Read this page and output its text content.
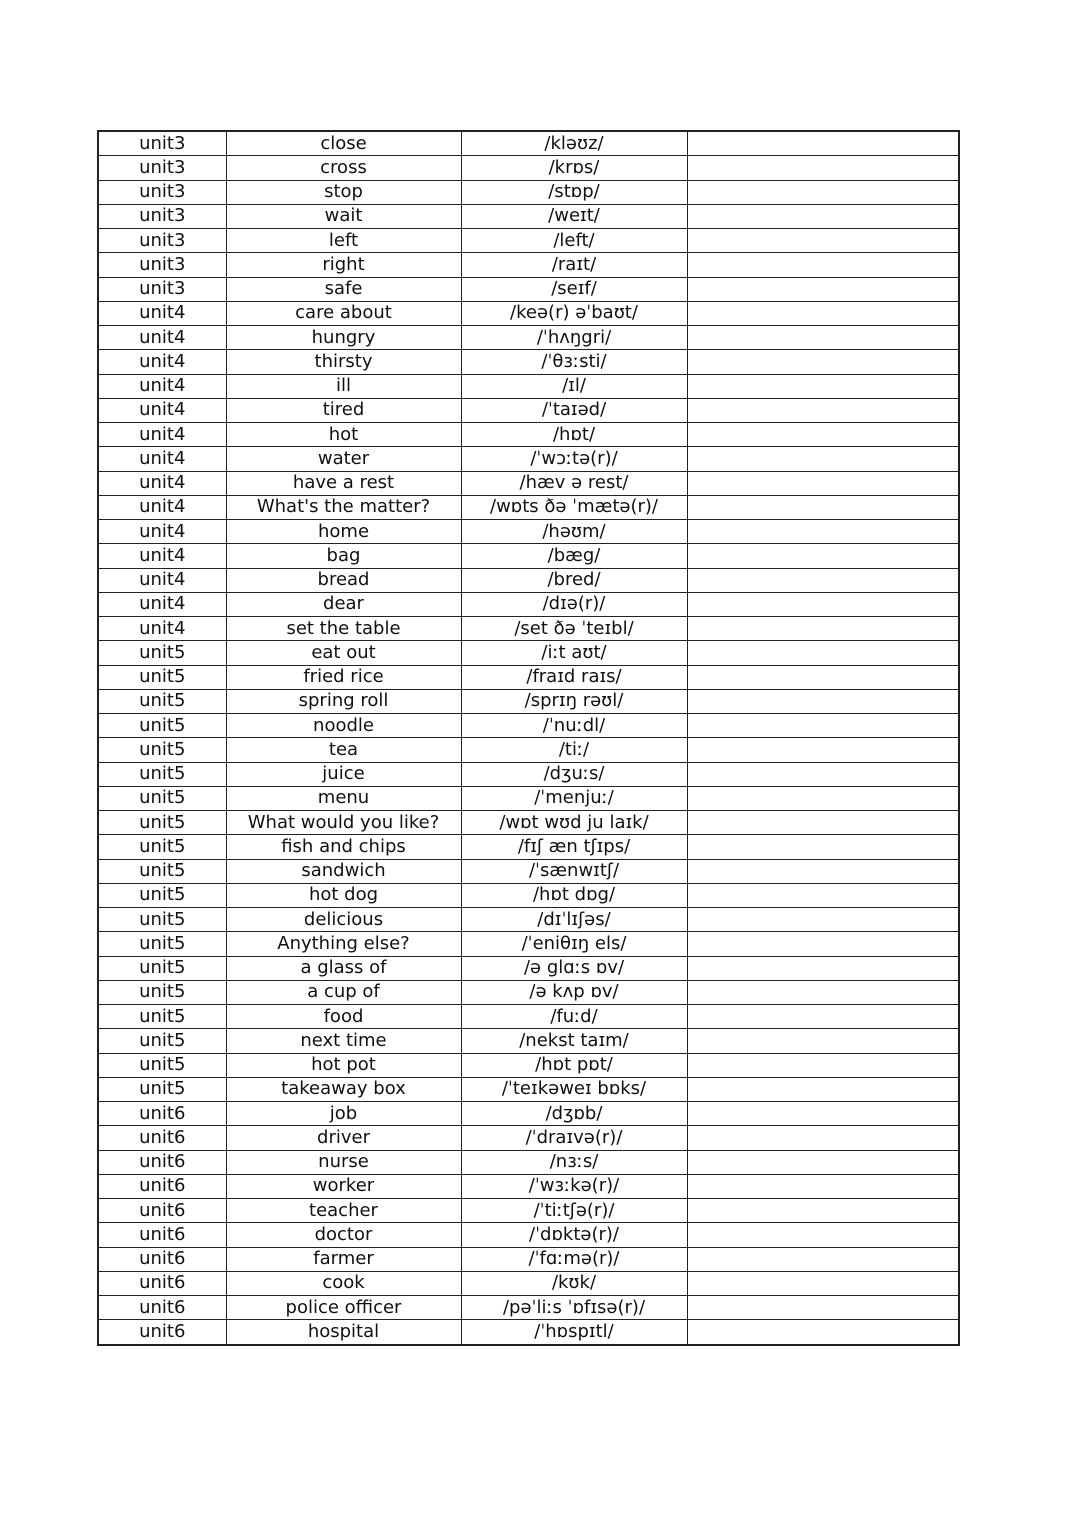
unit3	close	/kləʊz/	
unit3	cross	/krɒs/	
unit3	stop	/stɒp/	
unit3	wait	/weɪt/	
unit3	left	/left/	
unit3	right	/raɪt/	
unit3	safe	/seɪf/	
unit4	care about	/keə(r) əˈbaʊt/	
unit4	hungry	/ˈhʌŋgri/	
unit4	thirsty	/ˈθɜːsti/	
unit4	ill	/ɪl/	
unit4	tired	/ˈtaɪəd/	
unit4	hot	/hɒt/	
unit4	water	/ˈwɔːtə(r)/	
unit4	have a rest	/hæv ə rest/	
unit4	What's the matter?	/wɒts ðə ˈmætə(r)/	
unit4	home	/həʊm/	
unit4	bag	/bæg/	
unit4	bread	/bred/	
unit4	dear	/dɪə(r)/	
unit4	set the table	/set ðə ˈteɪbl/	
unit5	eat out	/iːt aʊt/	
unit5	fried rice	/fraɪd raɪs/	
unit5	spring roll	/sprɪŋ rəʊl/	
unit5	noodle	/ˈnuːdl/	
unit5	tea	/tiː/	
unit5	juice	/dʒuːs/	
unit5	menu	/ˈmenjuː/	
unit5	What would you like?	/wɒt wʊd ju laɪk/	
unit5	fish and chips	/fɪʃ æn tʃɪps/	
unit5	sandwich	/ˈsænwɪtʃ/	
unit5	hot dog	/hɒt dɒg/	
unit5	delicious	/dɪˈlɪʃəs/	
unit5	Anything else?	/ˈeniθɪŋ els/	
unit5	a glass of	/ə glɑːs ɒv/	
unit5	a cup of	/ə kʌp ɒv/	
unit5	food	/fuːd/	
unit5	next time	/nekst taɪm/	
unit5	hot pot	/hɒt pɒt/	
unit5	takeaway box	/ˈteɪkəweɪ bɒks/	
unit6	job	/dʒɒb/	
unit6	driver	/ˈdraɪvə(r)/	
unit6	nurse	/nɜːs/	
unit6	worker	/ˈwɜːkə(r)/	
unit6	teacher	/ˈtiːtʃə(r)/	
unit6	doctor	/ˈdɒktə(r)/	
unit6	farmer	/ˈfɑːmə(r)/	
unit6	cook	/kʊk/	
unit6	police officer	/pəˈliːs ˈɒfɪsə(r)/	
unit6	hospital	/ˈhɒspɪtl/	
